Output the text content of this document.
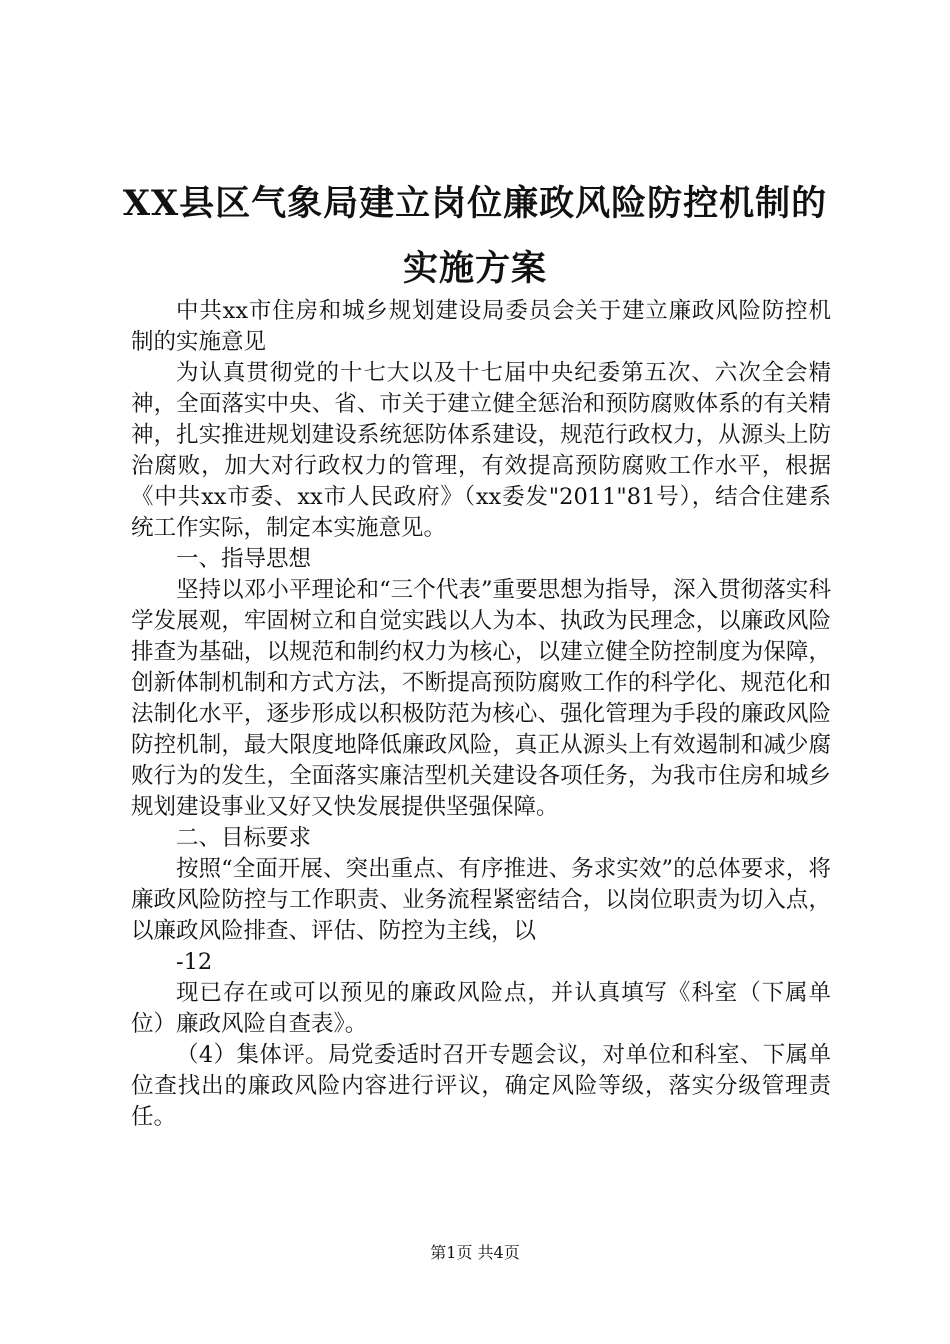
XX县区气象局建立岗位廉政风险防控机制的
实施方案

中共xx市住房和城乡规划建设局委员会关于建立廉政风险防控机制的实施意见

为认真贯彻党的十七大以及十七届中央纪委第五次、六次全会精神，全面落实中央、省、市关于建立健全惩治和预防腐败体系的有关精神，扎实推进规划建设系统惩防体系建设，规范行政权力，从源头上防治腐败，加大对行政权力的管理，有效提高预防腐败工作水平，根据《中共xx市委、xx市人民政府》（xx委发"2011"81号），结合住建系统工作实际，制定本实施意见。

一、指导思想

坚持以邓小平理论和“三个代表”重要思想为指导，深入贯彻落实科学发展观，牢固树立和自觉实践以人为本、执政为民理念，以廉政风险排查为基础，以规范和制约权力为核心，以建立健全防控制度为保障，创新体制机制和方式方法，不断提高预防腐败工作的科学化、规范化和法制化水平，逐步形成以积极防范为核心、强化管理为手段的廉政风险防控机制，最大限度地降低廉政风险，真正从源头上有效遏制和减少腐败行为的发生，全面落实廉洁型机关建设各项任务，为我市住房和城乡规划建设事业又好又快发展提供坚强保障。

二、目标要求

按照“全面开展、突出重点、有序推进、务求实效”的总体要求，将廉政风险防控与工作职责、业务流程紧密结合，以岗位职责为切入点，以廉政风险排查、评估、防控为主线，以

-12

现已存在或可以预见的廉政风险点，并认真填写《科室（下属单位）廉政风险自查表》。

（4）集体评。局党委适时召开专题会议，对单位和科室、下属单位查找出的廉政风险内容进行评议，确定风险等级，落实分级管理责任。

第1页 共4页
